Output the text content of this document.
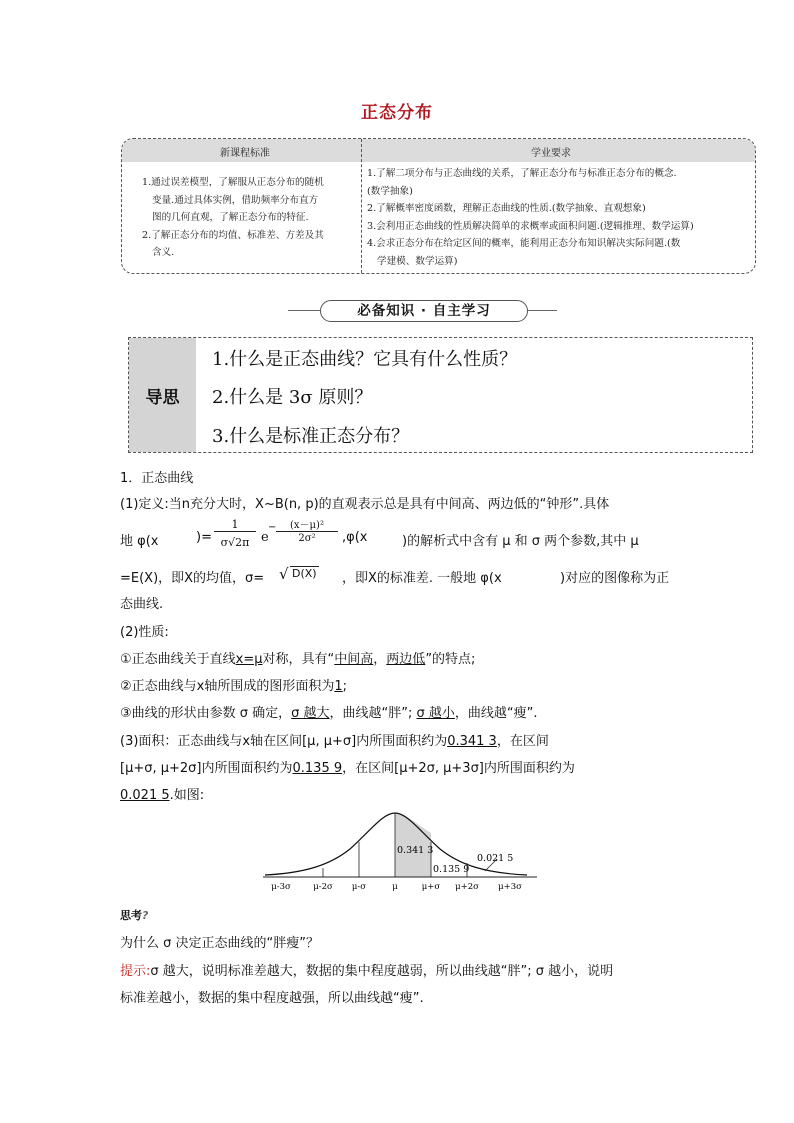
正态分布
新课程标准	学业要求
1.通过误差模型，了解服从正态分布的随机
变量.通过具体实例，借助频率分布直方
图的几何直观，了解正态分布的特征.
2.了解正态分布的均值、标准差、方差及其
含义.
1.了解二项分布与正态曲线的关系，了解正态分布与标准正态分布的概念.
(数学抽象)
2.了解概率密度函数，理解正态曲线的性质.(数学抽象、直观想象)
3.会利用正态曲线的性质解决简单的求概率或面积问题.(逻辑推理、数学运算)
4.会求正态分布在给定区间的概率，能利用正态分布知识解决实际问题.(数
学建模、数学运算)
必备知识 · 自主学习
导思
1.什么是正态曲线？它具有什么性质？
2.什么是 3σ 原则？
3.什么是标准正态分布？
1．正态曲线
(1)定义:当n充分大时，X~B(n, p)的直观表示总是具有中间高、两边低的“钟形”.具体
地 φ(x	)=
1
σ√2π e
−	(x－μ)²
2σ²	,φ(x	)的解析式中含有 μ 和 σ 两个参数,其中 μ
=E(X)，即X的均值，σ= √ D(X) ，即X的标准差. 一般地 φ(x	)对应的图像称为正
态曲线.
(2)性质:
①正态曲线关于直线x=μ对称，具有“中间高，两边低”的特点;
②正态曲线与x轴所围成的图形面积为1;
③曲线的形状由参数 σ 确定，σ 越大，曲线越“胖”; σ 越小，曲线越“瘦”.
(3)面积：正态曲线与x轴在区间[μ, μ+σ]内所围面积约为0.341 3，在区间
[μ+σ, μ+2σ]内所围面积约为0.135 9，在区间[μ+2σ, μ+3σ]内所围面积约为
0.021 5.如图:
0.341 3
0.135 9
0.021 5
μ-3σ	μ-2σ μ-σ	μ	μ+σ μ+2σ μ+3σ
思考?
为什么 σ 决定正态曲线的“胖瘦”？
提示:σ 越大，说明标准差越大，数据的集中程度越弱，所以曲线越“胖”; σ 越小，说明
标准差越小，数据的集中程度越强，所以曲线越“瘦”.
